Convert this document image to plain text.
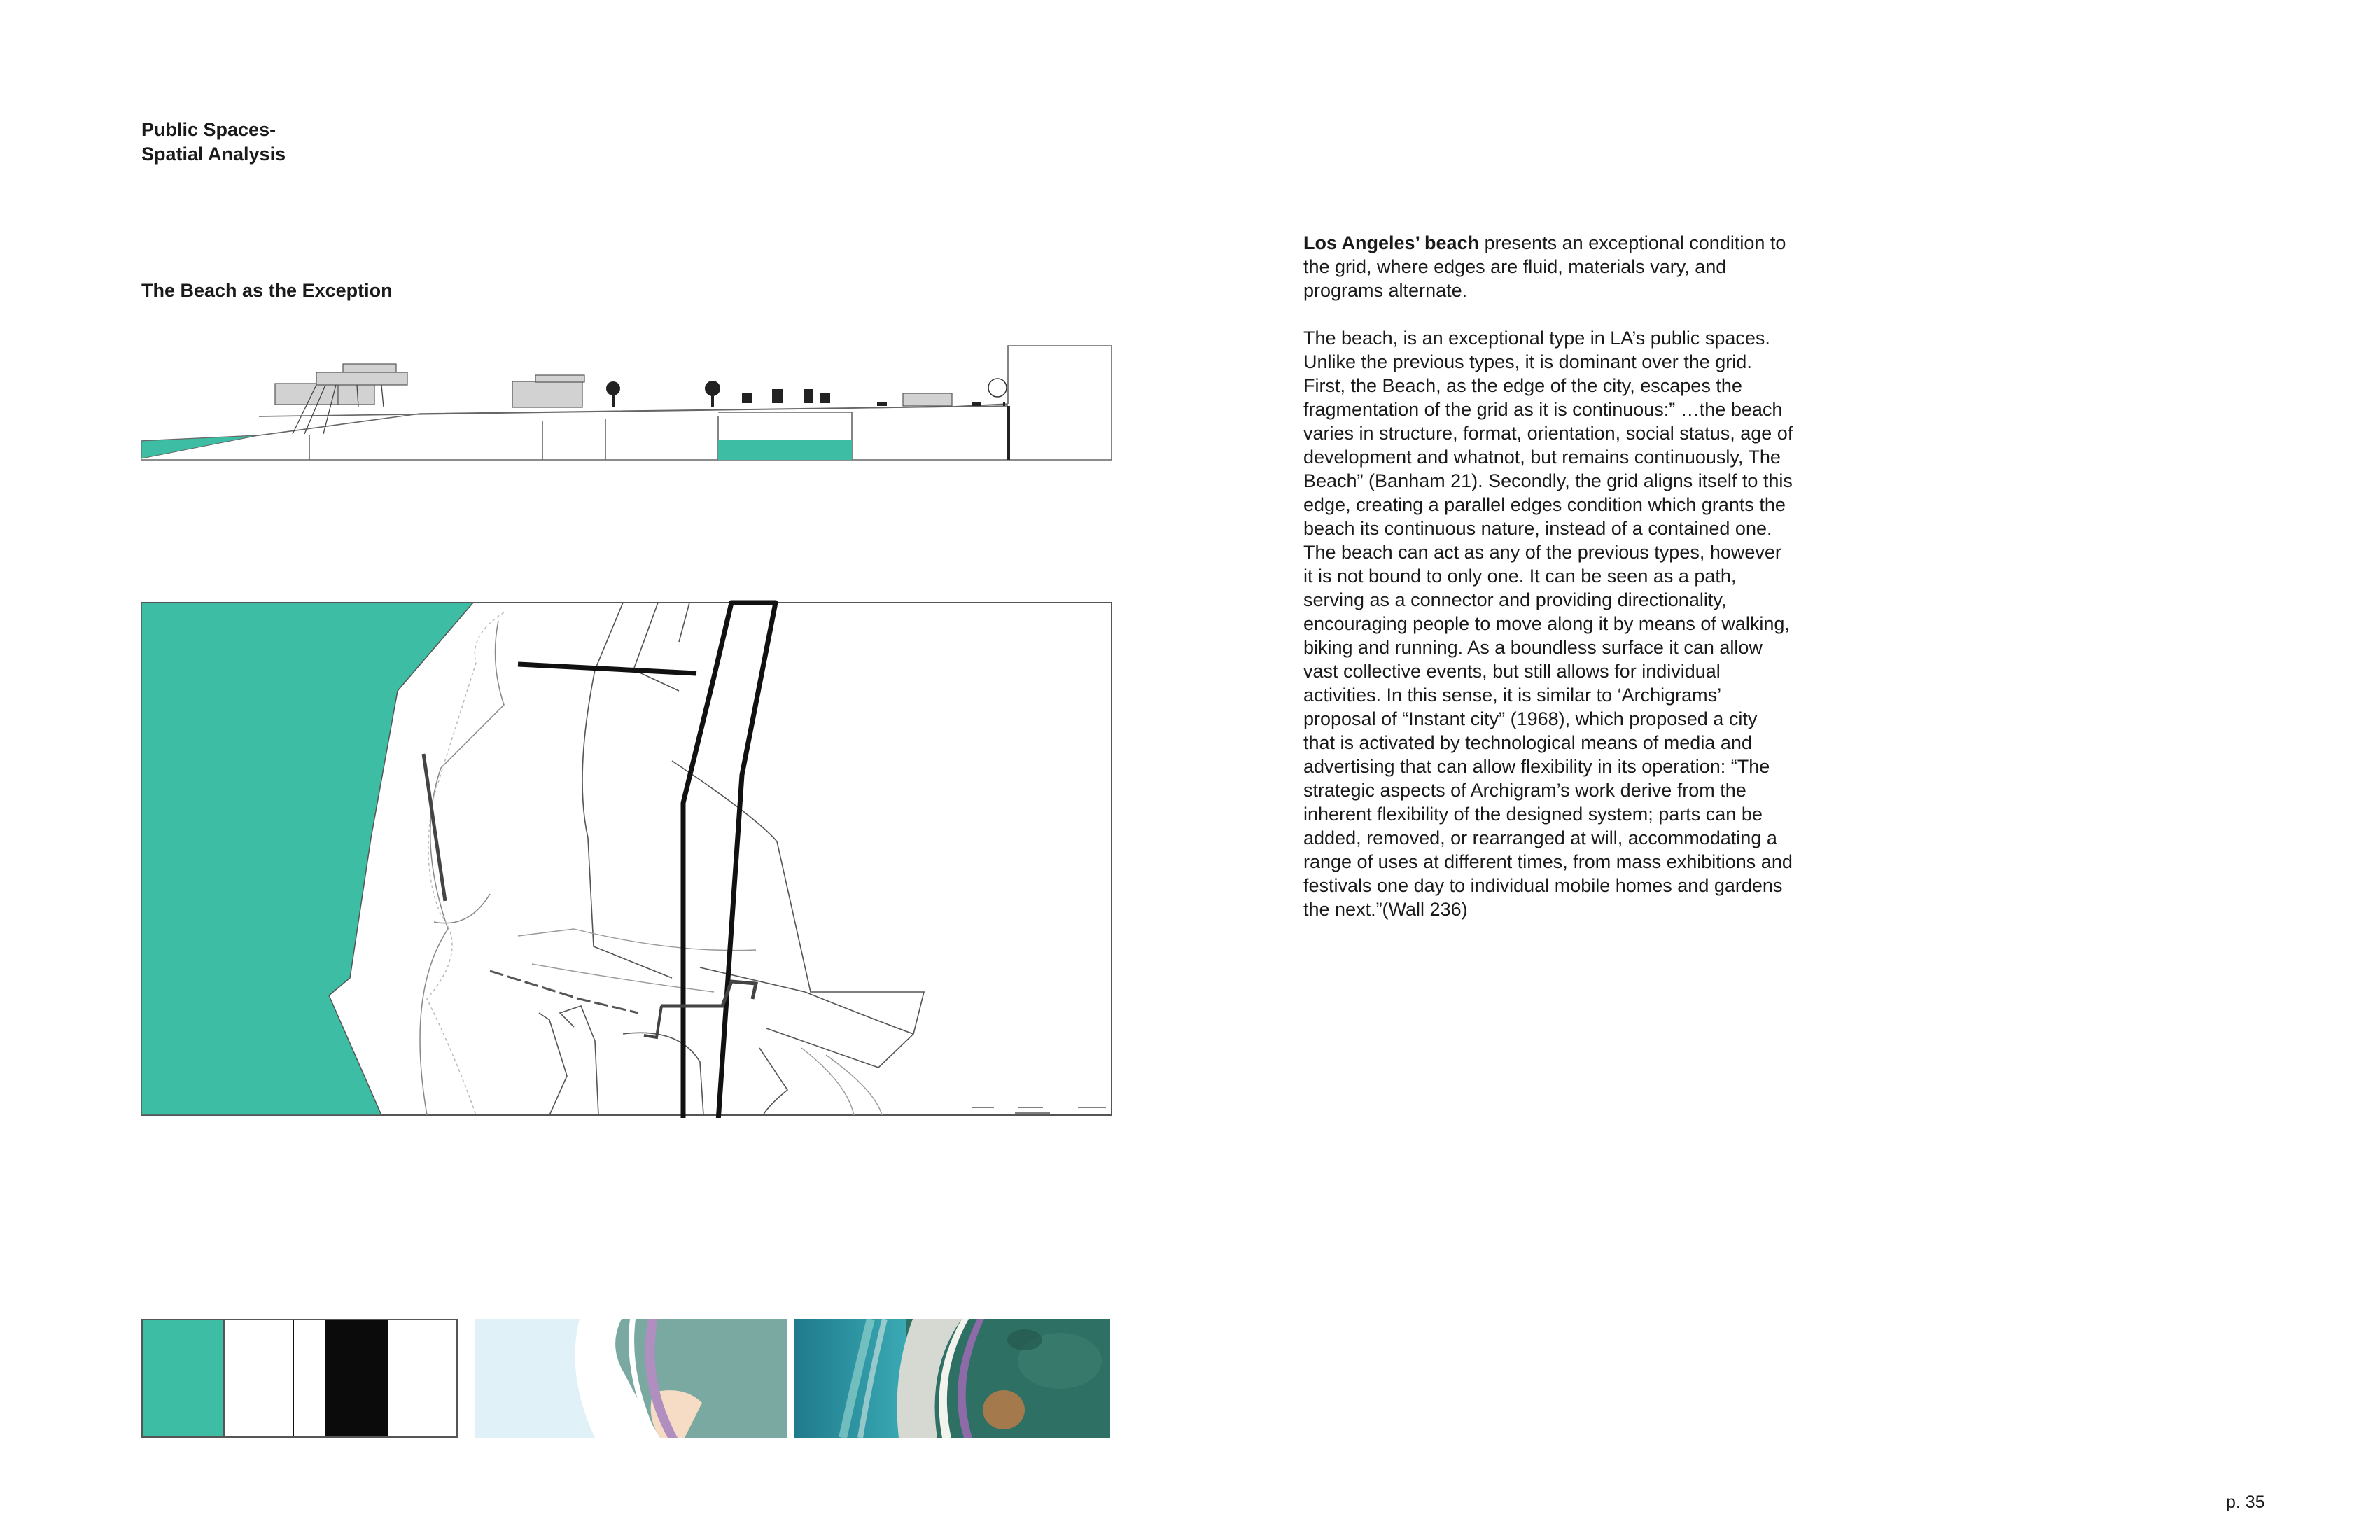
Public Spaces-
Spatial Analysis
The Beach as the Exception

Los Angeles’ beach presents an exceptional condition to the grid, where edges are fluid, materials vary, and programs alternate.

The beach, is an exceptional type in LA’s public spaces. Unlike the previous types, it is dominant over the grid. First, the Beach, as the edge of the city, escapes the fragmentation of the grid as it is continuous:” …the beach varies in structure, format, orientation, social status, age of development and whatnot, but remains continuously, The Beach” (Banham 21). Secondly, the grid aligns itself to this edge, creating a parallel edges condition which grants the beach its continuous nature, instead of a contained one. The beach can act as any of the previous types, however it is not bound to only one. It can be seen as a path, serving as a connector and providing directionality, encouraging people to move along it by means of walking, biking and running. As a boundless surface it can allow vast collective events, but still allows for individual activities. In this sense, it is similar to ‘Archigrams’ proposal of “Instant city” (1968), which proposed a city that is activated by technological means of media and advertising that can allow flexibility in its operation: “The strategic aspects of Archigram’s work derive from the inherent flexibility of the designed system; parts can be added, removed, or rearranged at will, accommodating a range of uses at different times, from mass exhibitions and festivals one day to individual mobile homes and gardens the next.”(Wall 236)

p. 35
